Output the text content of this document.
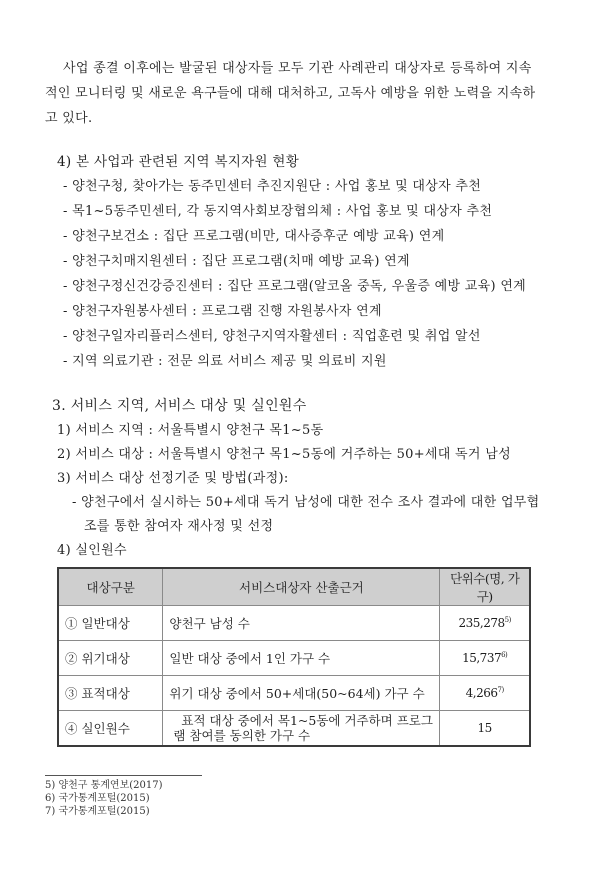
사업 종결 이후에는 발굴된 대상자들 모두 기관 사례관리 대상자로 등록하여 지속
적인 모니터링 및 새로운 욕구들에 대해 대처하고, 고독사 예방을 위한 노력을 지속하
고 있다.
4) 본 사업과 관련된 지역 복지자원 현황
- 양천구청, 찾아가는 동주민센터 추진지원단 : 사업 홍보 및 대상자 추천
- 목1~5동주민센터, 각 동지역사회보장협의체 : 사업 홍보 및 대상자 추천
- 양천구보건소 : 집단 프로그램(비만, 대사증후군 예방 교육) 연계
- 양천구치매지원센터 : 집단 프로그램(치매 예방 교육) 연계
- 양천구정신건강증진센터 : 집단 프로그램(알코올 중독, 우울증 예방 교육) 연계
- 양천구자원봉사센터 : 프로그램 진행 자원봉사자 연계
- 양천구일자리플러스센터, 양천구지역자활센터 : 직업훈련 및 취업 알선
- 지역 의료기관 : 전문 의료 서비스 제공 및 의료비 지원
3. 서비스 지역, 서비스 대상 및 실인원수
1) 서비스 지역 : 서울특별시 양천구 목1~5동
2) 서비스 대상 : 서울특별시 양천구 목1~5동에 거주하는 50+세대 독거 남성
3) 서비스 대상 선정기준 및 방법(과정):
- 양천구에서 실시하는 50+세대 독거 남성에 대한 전수 조사 결과에 대한 업무협
조를 통한 참여자 재사정 및 선정
4) 실인원수
대상구분	서비스대상자 산출근거	단위수(명, 가구)
① 일반대상	양천구 남성 수	235,278$^{5)}$
② 위기대상	일반 대상 중에서 1인 가구 수	15,737$^{6)}$
③ 표적대상	위기 대상 중에서 50+세대(50~64세) 가구 수	4,266$^{7)}$
④ 실인원수	표적 대상 중에서 목1~5동에 거주하며 프로그
램 참여를 동의한 가구 수	15
5) 양천구 통계연보(2017)
6) 국가통계포털(2015)
7) 국가통계포털(2015)
